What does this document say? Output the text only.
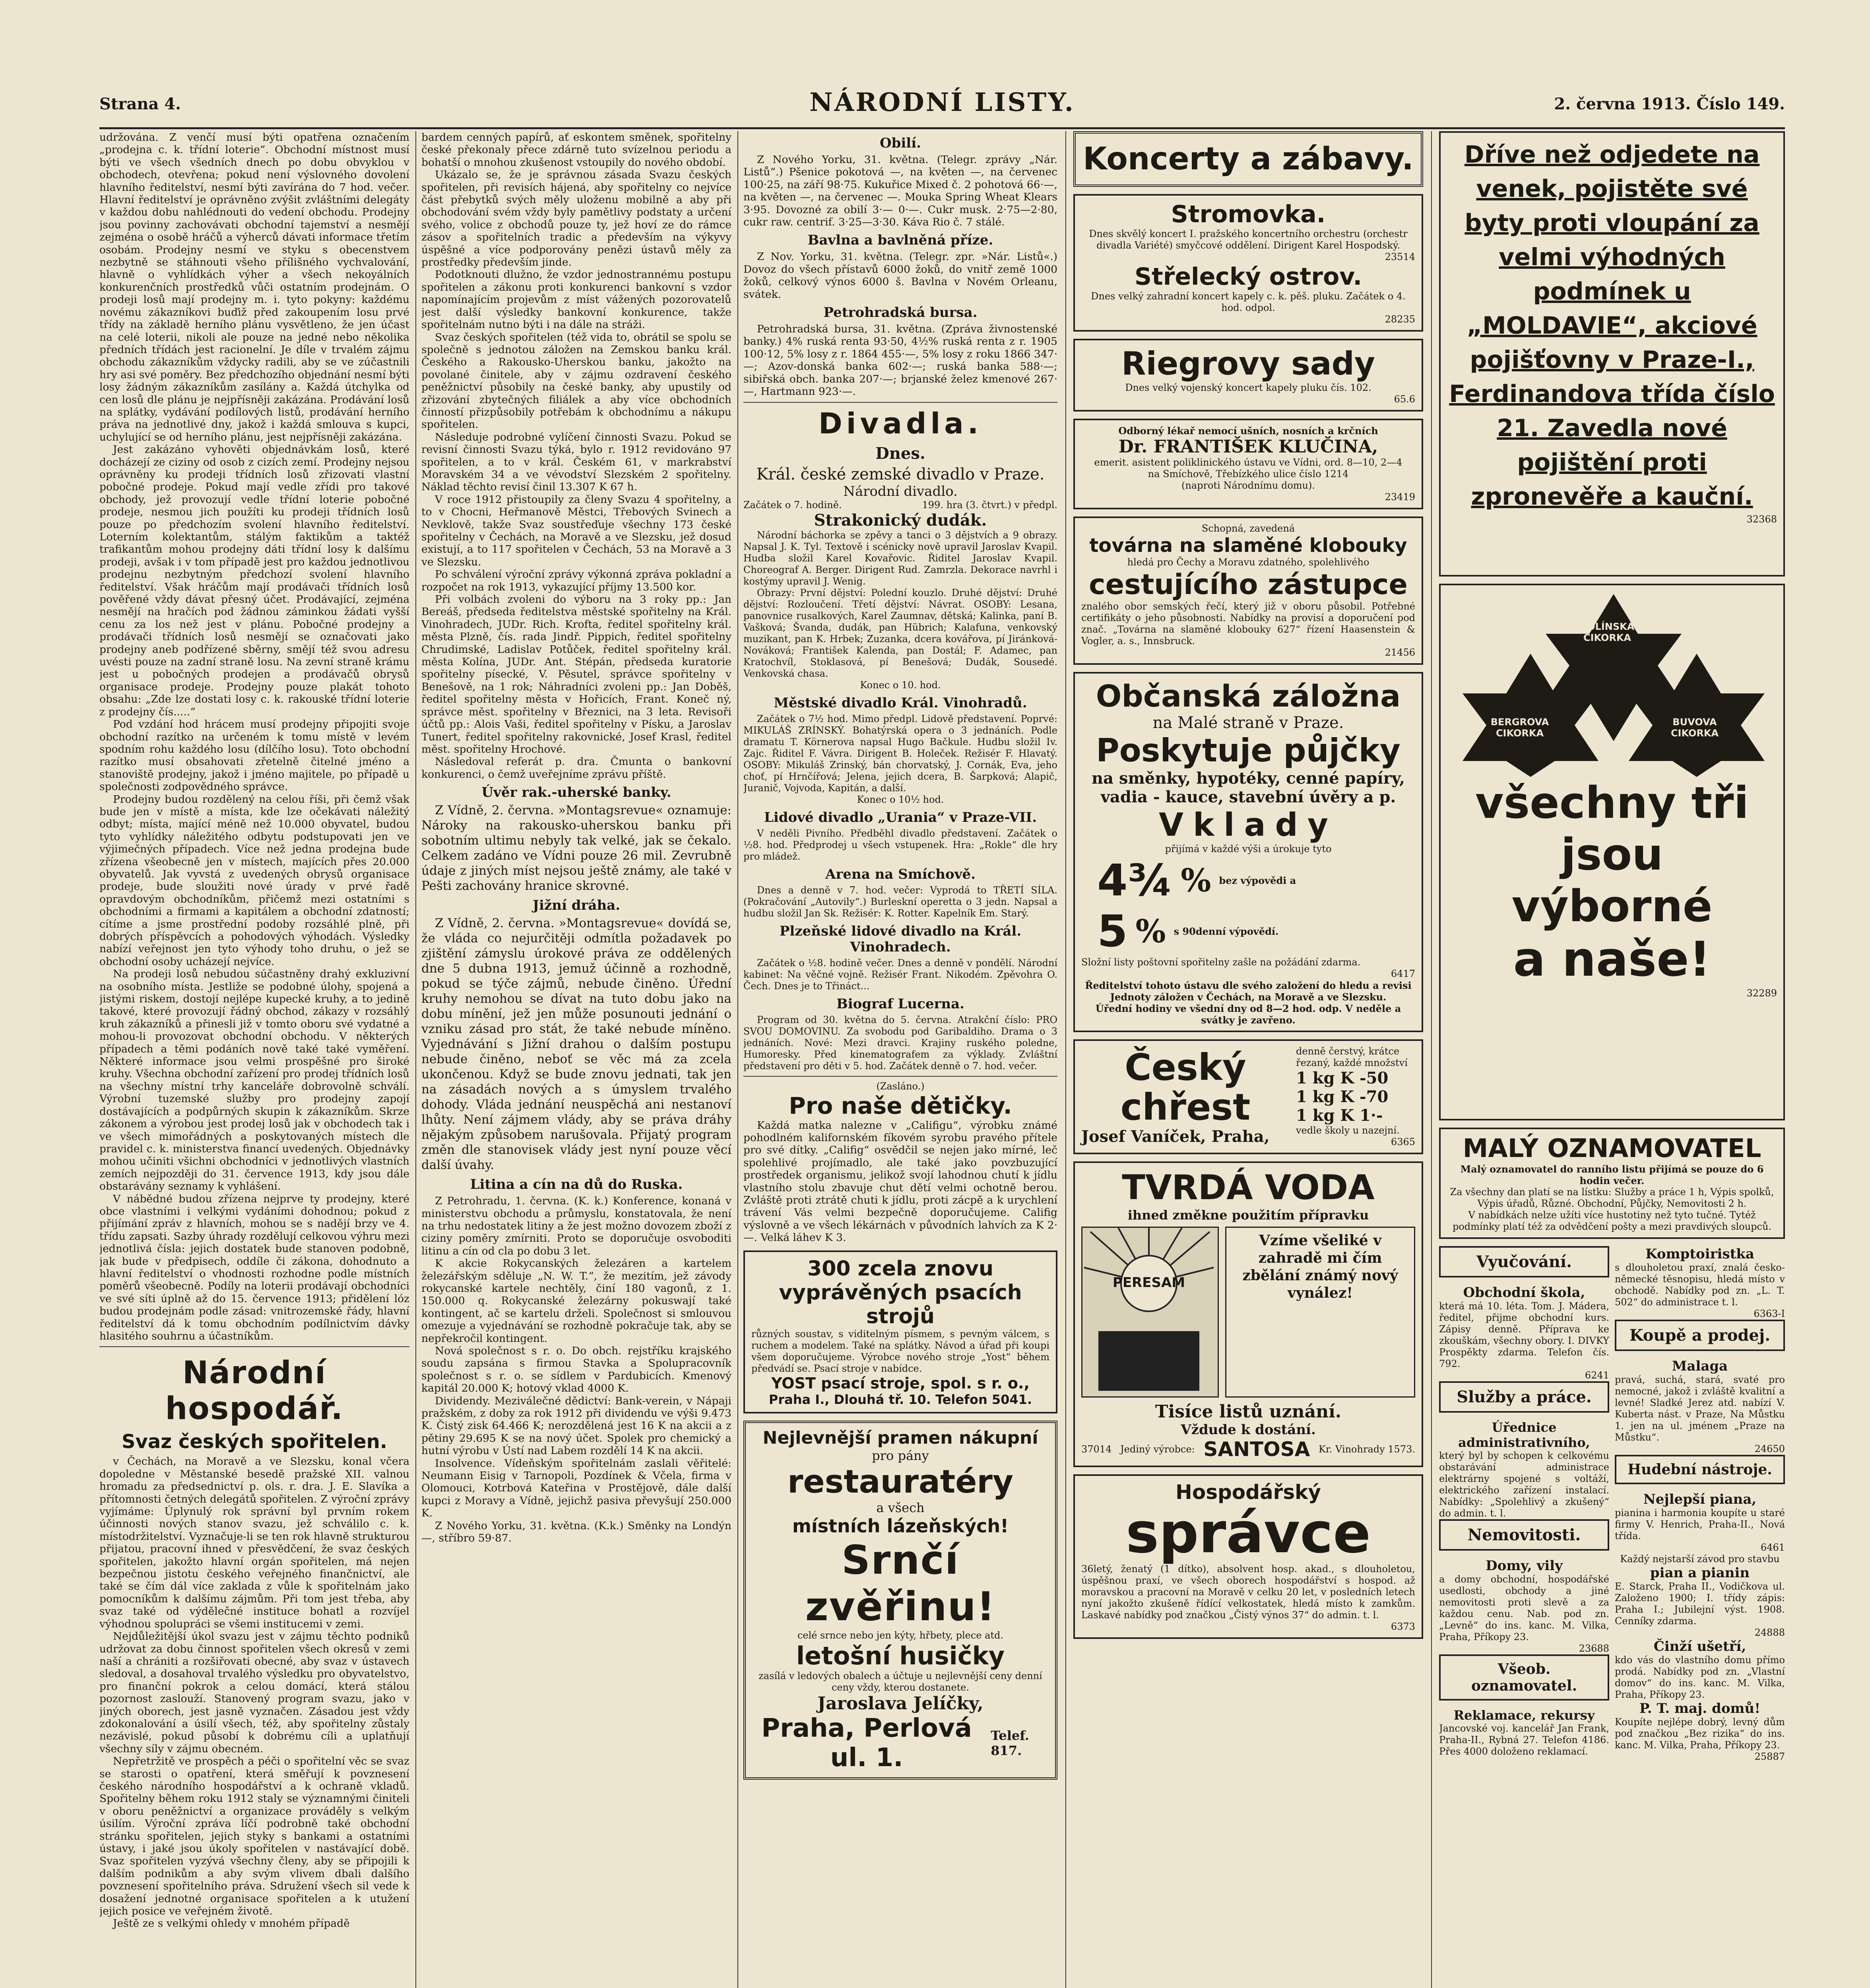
Strana 4.	NÁRODNÍ LISTY.	2. června 1913. Číslo 149.

udržována. Z venčí musí býti opatřena označením „prodejna c. k. třídní loterie“. Obchodní místnost musí býti ve všech všedních dnech po dobu obvyklou v obchodech, otevřena; pokud není výslovného dovolení hlavního ředitelství, nesmí býti zavírána do 7 hod. večer. Hlavní ředitelství je oprávněno zvýšit zvláštními delegáty v každou dobu nahlédnouti do vedení obchodu. Prodejny jsou povinny zachovávati obchodní tajemství a nesmějí zejména o osobě hráčů a výherců dávati informace třetím osobám. Prodejny nesmí ve styku s obecenstvem nezbytně se stáhnouti všeho přílišného vychvalování, hlavně o vyhlídkách výher a všech nekoyálních konkurenčních prostředků vůči ostatním prodejnám. O prodeji losů mají prodejny m. i. tyto pokyny: každému novému zákazníkovi buďiž před zakoupením losu prvé třídy na základě herního plánu vysvětleno, že jen účast na celé loterii, nikoli ale pouze na jedné nebo několika předních třídách jest racionelní. Je díle v trvalém zájmu obchodu zákazníkům vždycky radili, aby se ve zúčastnili hry asi své poměry. Bez předchozího objednání nesmí býti losy žádným zákazníkům zasílány a. Každá útchylka od cen losů dle plánu je nejpřísněji zakázána. Prodávání losů na splátky, vydávání podílových listů, prodávání herního práva na jednotlivé dny, jakož i každá smlouva s kupci, uchylující se od herního plánu, jest nejpřísněji zakázána.

Jest zakázáno vyhověti objednávkám losů, které docházejí ze ciziny od osob z cizích zemí. Prodejny nejsou oprávněny ku prodeji třídních losů zřizovati vlastní pobočné prodeje. Pokud mají vedle zřídi pro takové obchody, jež provozují vedle třídní loterie pobočné prodeje, nesmou jich použíti ku prodeji třídních losů pouze po předchozím svolení hlavního ředitelství. Loterním kolektantům, stálým faktikům a taktéž trafikantům mohou prodejny dáti třídní losy k dalšímu prodeji, avšak i v tom případě jest pro každou jednotlivou prodejnu nezbytným předchozí svolení hlavního ředitelství. Však hráčům mají prodávači třídních losů pověřené vždy dávat přesný účet. Prodávající, zejména nesmějí na hračích pod žádnou záminkou žádati vyšší cenu za los než jest v plánu. Pobočné prodejny a prodávači třídních losů nesmějí se označovati jako prodejny aneb podřízené sběrny, smějí též svou adresu uvésti pouze na zadní straně losu. Na zevní straně krámu jest u pobočných prodejen a prodávačů obrysů organisace prodeje. Prodejny pouze plakát tohoto obsahu: „Zde lze dostati losy c. k. rakouské třídní loterie z prodejny čís.....“

Pod vzdání hod hrácem musí prodejny připojiti svoje obchodní razítko na určeném k tomu místě v levém spodním rohu každého losu (dílčího losu). Toto obchodní razítko musí obsahovati zřetelně čitelné jméno a stanoviště prodejny, jakož i jméno majitele, po případě u společnosti zodpovědného správce.

Prodejny budou rozdělený na celou říši, při čemž však bude jen v místě a místa, kde lze očekávati náležitý odbyt; místa, mající méně než 10.000 obyvatel, budou tyto vyhlídky náležitého odbytu podstupovati jen ve výjimečných případech. Více než jedna prodejna bude zřízena všeobecně jen v místech, majících přes 20.000 obyvatelů. Jak vyvstá z uvedených obrysů organisace prodeje, bude sloužiti nové úrady v prvé řadě opravdovým obchodníkům, přičemž mezi ostatními s obchodními a firmami a kapitálem a obchodní zdatností; cítíme a jsme prostřední podoby rozsáhlé plně, při dobrých příspěvcích a pohodových výhodách. Výsledky nabízí veřejnost jen tyto výhody toho druhu, o jež se obchodní osoby ucházejí nejvíce.

Na prodeji losů nebudou súčastněny drahý exkluzivní na osobního místa. Jestliže se podobné úlohy, spojená a jistými riskem, dostojí nejlépe kupecké kruhy, a to jedině takové, které provozují řádný obchod, zákazy v rozsáhlý kruh zákazníků a přinesli již v tomto oboru své vydatné a mohou-li provozovat obchodní obchodu. V některých případech a těmi podáních nově také také vyměření. Některé informace jsou velmi prospěšné pro široké kruhy. Všechna obchodní zařízení pro prodej třídních losů na všechny místní trhy kanceláře dobrovolně schválí. Výrobní tuzemské služby pro prodejny zapojí dostávajících a podpůrných skupin k zákazníkům. Skrze zákonem a výrobou jest prodej losů jak v obchodech tak i ve všech mimořádných a poskytovaných místech dle pravidel c. k. ministerstva financí uvedených. Objednávky mohou učiniti všichni obchodníci v jednotlivých vlastních zemích nejpozději do 31. července 1913, kdy jsou dále obstarávány seznamy k vyhlášení.

V nábědné budou zřízena nejprve ty prodejny, které obce vlastními i velkými vydáními dohodnou; pokud z přijímání zpráv z hlavních, mohou se s nadějí brzy ve 4. třídu zapsati. Sazby úhrady rozdělují celkovou výhru mezi jednotlivá čísla: jejich dostatek bude stanoven podobně, jak bude v předpisech, oddíle či zákona, dohodnuto a hlavní ředitelství o vhodnosti rozhodne podle místních poměrů všeobecně. Podíly na loterii prodávají obchodníci ve své síti úplně až do 15. července 1913; přidělení lóz budou prodejnám podle zásad: vnitrozemské řády, hlavní ředitelství dá k tomu obchodním podílnictvím dávky hlasitého souhrnu a účastníkům.

Národní hospodář.
Svaz českých spořitelen.

v Čechách, na Moravě a ve Slezsku, konal včera dopoledne v Městanské besedě pražské XII. valnou hromadu za předsednictví p. ols. r. dra. J. E. Slavíka a přítomnosti četných delegátů spořitelen. Z výroční zprávy vyjímáme: Úplynulý rok správní byl prvním rokem účinnosti nových stanov svazu, jež schválilo c. k. místodržitelství. Vyznačuje-li se ten rok hlavně strukturou přijatou, pracovní ihned v přesvědčení, že svaz českých spořitelen, jakožto hlavní orgán spořitelen, má nejen bezpečnou jistotu českého veřejného finančnictví, ale také se čím dál více zaklada z vůle k spořitelnám jako pomocníkům k dalšímu zájmům. Při tom jest třeba, aby svaz také od výdělečné instituce bohatl a rozvíjel výhodnou spolupráci se všemi institucemi v zemi.

Nejdůležitější úkol svazu jest v zájmu těchto podniků udržovat za dobu činnost spořitelen všech okresů v zemi naší a chrániti a rozšiřovati obecné, aby svaz v ústavech sledoval, a dosahoval trvalého výsledku pro obyvatelstvo, pro finanční pokrok a celou domácí, která stálou pozornost zaslouží. Stanovený program svazu, jako v jiných oborech, jest jasně vyznačen. Zásadou jest vždy zdokonalování a úsilí všech, též, aby spořitelny zůstaly nezávislé, pokud působí k dobrému cíli a uplatňují všechny síly v zájmu obecném.

Nepřetržitě ve prospěch a péči o spořitelní věc se svaz se starosti o opatření, která směřují k povznesení českého národního hospodářství a k ochraně vkladů. Spořitelny během roku 1912 staly se významnými činiteli v oboru peněžnictví a organizace prováděly s velkým úsilím. Výroční zpráva líčí podrobně také obchodní stránku spořitelen, jejich styky s bankami a ostatními ústavy, i jaké jsou úkoly spořitelen v nastávající době. Svaz spořitelen vyzývá všechny členy, aby se připojili k dalším podnikům a aby svým vlivem dbali dalšího povznesení spořitelního práva. Sdružení všech sil vede k dosažení jednotné organisace spořitelen a k utužení jejich posice ve veřejném životě.

Ještě ze s velkými ohledy v mnohém případě

bardem cenných papírů, ať eskontem směnek, spořitelny české překonaly přece zdárně tuto svízelnou periodu a bohatší o mnohou zkušenost vstoupily do nového období.

Ukázalo se, že je správnou zásada Svazu českých spořitelen, při revisích hájená, aby spořitelny co nejvíce část přebytků svých měly uloženu mobilně a aby při obchodování svém vždy byly pamětlivy podstaty a určení svého, volice z obchodů pouze ty, jež hoví ze do rámce zásov a spořitelních tradic a především na výkyvy úspěšné a více podporovány penězi ústavů měly za prostředky především jinde.

Podotknouti dlužno, že vzdor jednostrannému postupu spořitelen a zákonu proti konkurenci bankovní s vzdor napomínajícím projevům z míst vážených pozorovatelů jest další výsledky bankovní konkurence, takže spořitelnám nutno býti i na dále na stráži.

Svaz českých spořitelen (též vida to, obrátil se spolu se společně s jednotou záložen na Zemskou banku král. Českého a Rakousko-Uherskou banku, jakožto na povolané činitele, aby v zájmu ozdravení českého peněžnictví působily na české banky, aby upustily od zřizování zbytečných filiálek a aby více obchodních činností přizpůsobily potřebám k obchodnímu a nákupu spořitelen.

Následuje podrobné vylíčení činnosti Svazu. Pokud se revisní činnosti Svazu týká, bylo r. 1912 revidováno 97 spořitelen, a to v král. Českém 61, v markrabství Moravském 34 a ve vévodství Slezském 2 spořitelny. Náklad těchto revisí činil 13.307 K 67 h.

V roce 1912 přistoupily za členy Svazu 4 spořitelny, a to v Chocni, Heřmanově Městci, Třebových Svinech a Nevklově, takže Svaz soustřeďuje všechny 173 české spořitelny v Čechách, na Moravě a ve Slezsku, jež dosud existují, a to 117 spořitelen v Čechách, 53 na Moravě a 3 ve Slezsku.

Po schválení výroční zprávy výkonná zpráva pokladní a rozpočet na rok 1913, vykazující příjmy 13.500 kor.

Při volbách zvoleni do výboru na 3 roky pp.: Jan Bereáš, předseda ředitelstva městské spořitelny na Král. Vinohradech, JUDr. Rich. Krofta, ředitel spořitelny král. města Plzně, čís. rada Jindř. Pippich, ředitel spořitelny Chrudimské, Ladislav Potůček, ředitel spořitelny král. města Kolína, JUDr. Ant. Stépán, předseda kuratorie spořitelny písecké, V. Pěsutel, správce spořitelny v Benešově, na 1 rok; Náhradníci zvoleni pp.: Jan Doběš, ředitel spořitelny města v Hořicích, Frant. Koneč ný, správce měst. spořitelny v Březnici, na 3 leta. Revisoři účtů pp.: Alois Vaši, ředitel spořitelny v Písku, a Jaroslav Tunert, ředitel spořitelny rakovnické, Josef Krasl, ředitel měst. spořitelny Hrochové.

Následoval referát p. dra. Čmunta o bankovní konkurenci, o čemž uveřejníme zprávu příště.

Úvěr rak.-uherské banky.

Z Vídně, 2. června. »Montagsrevue« oznamuje: Nároky na rakousko-uherskou banku při sobotním ultimu nebyly tak velké, jak se čekalo. Celkem zadáno ve Vídni pouze 26 mil. Zevrubně údaje z jiných míst nejsou ještě známy, ale také v Pešti zachovány hranice skrovné.

Jižní dráha.

Z Vídně, 2. června. »Montagsrevue« dovídá se, že vláda co nejurčitěji odmítla požadavek po zjištění zámyslu úrokové práva ze oddělených dne 5 dubna 1913, jemuž účinně a rozhodně, pokud se týče zájmů, nebude činěno. Úřední kruhy nemohou se dívat na tuto dobu jako na dobu mínění, jež jen může posunouti jednání o vzniku zásad pro stát, že také nebude míněno. Vyjednávání s Jižní drahou o dalším postupu nebude činěno, neboť se věc má za zcela ukončenou. Když se bude znovu jednati, tak jen na zásadách nových a s úmyslem trvalého dohody. Vláda jednání neuspěchá ani nestanoví lhůty. Není zájmem vlády, aby se práva dráhy nějakým způsobem narušovala. Přijatý program změn dle stanovisek vlády jest nyní pouze věcí další úvahy.

Litina a cín na dů do Ruska.

Z Petrohradu, 1. června. (K. k.) Konference, konaná v ministerstvu obchodu a průmyslu, konstatovala, že není na trhu nedostatek litiny a že jest možno dovozem zboží z ciziny poměry zmírniti. Proto se doporučuje osvoboditi litinu a cín od cla po dobu 3 let.

K akcie Rokycanských železáren a kartelem železářským sděluje „N. W. T.“, že mezitím, jež závody rokycanské kartele nechtěly, činí 180 vagonů, z 1. 150.000 q. Rokycanské železárny pokuswají také kontingent, ač se kartelu drželi. Společnost si smlouvou omezuje a vyjednávání se rozhodně pokračuje tak, aby se nepřekročil kontingent.

Nová společnost s r. o. Do obch. rejstříku krajského soudu zapsána s firmou Stavka a Spolupracovník společnost s r. o. se sídlem v Pardubicích. Kmenový kapitál 20.000 K; hotový vklad 4000 K.

Dividendy. Meziválečné dědictví: Bank-verein, v Nápaji pražském, z doby za rok 1912 při dividendu ve výši 9.473 K. Čistý zisk 64.466 K; nerozdělená jest 16 K na akcii a z pětiny 29.695 K se na nový účet. Spolek pro chemický a hutní výrobu v Ústí nad Labem rozdělí 14 K na akcii.

Insolvence. Vídeňským spořitelnám zaslali věřitelé: Neumann Eisig v Tarnopoli, Pozdínek & Včela, firma v Olomouci, Kotrbová Kateřina v Prostějově, dále další kupci z Moravy a Vídně, jejichž pasiva převyšují 250.000 K.

Z Nového Yorku, 31. května. (K.k.) Směnky na Londýn —, stříbro 59·87.

Obilí.

Z Nového Yorku, 31. května. (Telegr. zprávy „Nár. Listů“.) Pšenice pokotová —, na květen —, na červenec 100·25, na září 98·75. Kukuřice Mixed č. 2 pohotová 66·—, na květen —, na červenec —. Mouka Spring Wheat Klears 3·95. Dovozné za obilí 3·— 0·—. Cukr musk. 2·75—2·80, cukr raw. centrif. 3·25—3·30. Káva Rio č. 7 stálé.

Bavlna a bavlněná příze.

Z Nov. Yorku, 31. května. (Telegr. zpr. »Nár. Listů«.) Dovoz do všech přístavů 6000 žoků, do vnitř země 1000 žoků, celkový výnos 6000 š. Bavlna v Novém Orleanu, svátek.

Petrohradská bursa.

Petrohradská bursa, 31. května. (Zpráva živnostenské banky.) 4% ruská renta 93·50, 4½% ruská renta z r. 1905 100·12, 5% losy z r. 1864 455·—, 5% losy z roku 1866 347·—; Azov-donská banka 602·—; ruská banka 588·—; sibiřská obch. banka 207·—; brjanské želez kmenové 267·—, Hartmann 923·—.

Divadla.
Dnes.
Král. české zemské divadlo v Praze.
Národní divadlo.
Začátek o 7. hodině.	199. hra (3. čtvrt.) v předpl.
Strakonický dudák.

Národní báchorka se zpěvy a tanci o 3 dějstvích a 9 obrazy. Napsal J. K. Tyl. Textově i scénicky nově upravil Jaroslav Kvapil. Hudba složil Karel Kovařovic. Řiditel Jaroslav Kvapil. Choreograf A. Berger. Dirigent Rud. Zamrzla. Dekorace navrhl i kostýmy upravil J. Wenig.

Obrazy: První dějství: Polední kouzlo. Druhé dějství: Druhé dějství: Rozloučení. Třetí dějství: Návrat. OSOBY: Lesana, panovnice rusalkových, Karel Zaumnav, dětská; Kalinka, paní B. Vašková; Švanda, dudák, pan Hübrich; Kalafuna, venkovský muzikant, pan K. Hrbek; Zuzanka, dcera kovářova, pí Jiránková-Nováková; František Kalenda, pan Dostál; F. Adamec, pan Kratochvíl, Stoklasová, pí Benešová; Dudák, Sousedé. Venkovská chasa.

Konec o 10. hod.
Městské divadlo Král. Vinohradů.

Začátek o 7½ hod. Mimo předpl. Lidově představení. Poprvé: MIKULÁŠ ZRÍNSKÝ. Bohatýrská opera o 3 jednáních. Podle dramatu T. Körnerova napsal Hugo Bačkule. Hudbu složil Iv. Zajc. Řiditel F. Vávra. Dirigent B. Holeček. Režisér F. Hlavatý. OSOBY: Mikuláš Zrinský, bán chorvatský, J. Cornák, Eva, jeho choť, pí Hrnčířová; Jelena, jejich dcera, B. Šarpková; Alapič, Juranič, Vojvoda, Kapitán, a další.

Konec o 10½ hod.
Lidové divadlo „Urania“ v Praze-VII.

V neděli Pivního. Předběhl divadlo představení. Začátek o ½8. hod. Předprodej u všech vstupenek. Hra: „Rokle“ dle hry pro mládež.

Arena na Smíchově.

Dnes a denně v 7. hod. večer: Vyprodá to TŘETÍ SÍLA. (Pokračování „Autovily“.) Burleskní operetta o 3 jedn. Napsal a hudbu složil Jan Sk. Režisér: K. Rotter. Kapelník Em. Starý.

Plzeňské lidové divadlo na Král. Vinohradech.

Začátek o ½8. hodině večer. Dnes a denně v pondělí. Národní kabinet: Na věčné vojně. Režisér Frant. Nikodém. Zpěvohra O. Čech. Dnes je to Třináct...

Biograf Lucerna.

Program od 30. května do 5. června. Atrakční číslo: PRO SVOU DOMOVINU. Za svobodu pod Garibaldiho. Drama o 3 jednáních. Nové: Mezi dravci. Krajiny ruského poledne, Humoresky. Před kinematografem za výklady. Zvláštní představení pro děti v 5. hod. Začátek denně o 7. hod. večer.

(Zasláno.)
Pro naše dětičky.

Každá matka nalezne v „Califigu“, výrobku známé pohodlném kalifornském fíkovém syrobu pravého přítele pro své dítky. „Califig“ osvědčil se nejen jako mírné, leč spolehlivé projímadlo, ale také jako povzbuzující prostředek organismu, jelikož svojí lahodnou chutí k jídlu vlastního stolu zbavuje chut dětí velmi ochotně berou. Zvláště proti ztrátě chuti k jídlu, proti zácpě a k urychlení trávení Vás velmi bezpečně doporučujeme. Califig výslovně a ve všech lékárnách v původních lahvích za K 2·—. Velká láhev K 3.

300 zcela znovu vyprávěných psacích strojů

různých soustav, s viditelným písmem, s pevným válcem, s ruchem a modelem. Také na splátky. Návod a úřad při koupi všem doporučujeme. Výrobce nového stroje „Yost“ během předvádí se. Psací stroje v nabídce.

YOST psací stroje, spol. s r. o.,
Praha I., Dlouhá tř. 10. Telefon 5041.
Nejlevnější pramen nákupní
pro pány
restauratéry
a všech
místních lázeňských!
Srnčí zvěřinu!
celé srnce nebo jen kýty, hřbety, plece atd.
letošní husičky
zasílá v ledových obalech a účtuje u nejlevnější ceny denní ceny vždy, kterou dostanete.
Jaroslava Jelíčky,
Praha, Perlová ul. 1.
Telef. 817.
Koncerty a zábavy.
Stromovka.
Dnes skvělý koncert I. pražského koncertního orchestru (orchestr divadla Variété) smyčcové oddělení. Dirigent Karel Hospodský.
23514
Střelecký ostrov.
Dnes velký zahradní koncert kapely c. k. pěš. pluku. Začátek o 4. hod. odpol.
28235
Riegrovy sady
Dnes velký vojenský koncert kapely pluku čís. 102.
65.6
Odborný lékař nemocí ušních, nosních a krčních
Dr. FRANTIŠEK KLUČINA,
emerit. asistent poliklinického ústavu ve Vídni, ord. 8—10, 2—4
na Smíchově, Třebízkého ulice číslo 1214
(naproti Národnímu domu).
23419
Schopná, zavedená
továrna na slaměné klobouky
hledá pro Čechy a Moravu zdatného, spolehlivého
cestujícího zástupce

znalého obor semských řečí, který již v oboru působil. Potřebné certifikáty o jeho působnosti. Nabídky na provisí a doporučení pod znač. „Továrna na slaměné klobouky 627“ řízení Haasenstein & Vogler, a. s., Innsbruck.

21456
Občanská záložna
na Malé straně v Praze.
Poskytuje půjčky
na směnky, hypotéky, cenné papíry,
vadia - kauce, stavební úvěry a p.
Vklady
přijímá v každé výši a úrokuje tyto
4¾ % bez výpovědi a
5 % s 90denní výpovědí.
Složní listy poštovní spořitelny zašle na požádání zdarma.
6417
Ředitelství tohoto ústavu dle svého založení do hledu a revisi Jednoty záložen v Čechách, na Moravě a ve Slezsku.
Úřední hodiny ve všední dny od 8—2 hod. odp. V neděle a svátky je zavřeno.
Český chřest
Josef Vaníček, Praha,
denně čerstvý, krátce řezaný, každé množství
1 kg K -50
1 kg K -70
1 kg K 1·-
vedle školy u nazejní.
6365
TVRDÁ VODA
ihned změkne použitím přípravku
PERESAM
Vzíme všeliké v zahradě mi čím zbělání známý nový vynález!
Tisíce listů uznání.
Vždude k dostání.
37014 Jediný výrobce: SANTOSA Kr. Vinohrady 1573.
Hospodářský
správce

36letý, ženatý (1 dítko), absolvent hosp. akad., s dlouholetou, úspěšnou praxí, ve všech oborech hospodářství s hospod. až moravskou a pracovní na Moravě v celku 20 let, v posledních letech nyní jakožto zkušeně řídící velkostatek, hledá místo k zamkům. Laskavé nabídky pod značkou „Čistý výnos 37“ do admin. t. l.

6373
Dříve než odjedete na venek, pojistěte své byty proti vloupání za velmi výhodných podmínek u „MOLDAVIE“, akciové pojišťovny v Praze-I., Ferdinandova třída číslo 21. Zavedla nové pojištění proti zpronevěře a kauční.
32368
KOLÍNSKÁ CIKORKA
BERGROVA CIKORKA
BUVOVA CIKORKA
všechny tři
jsou
výborné
a naše!
32289
MALÝ OZNAMOVATEL
Malý oznamovatel do ranního listu přijímá se pouze do 6 hodin večer.
Za všechny dan platí se na lístku: Služby a práce 1 h, Výpis spolků, Výpis úřadů, Různé. Obchodní, Půjčky, Nemovitosti 2 h.
V nabídkách nelze užíti více hustotiny než tyto tučné. Tytéž podmínky platí též za odvědčení pošty a mezi pravdivých sloupců.
Vyučování.
Obchodní škola,

která má 10. léta. Tom. J. Mádera, ředitel, přijme obchodní kurs. Zápisy denně. Příprava ke zkouškám, všechny obory. I. DIVKY Prospěkty zdarma. Telefon čís. 792.

6241
Služby a práce.
Úřednice administrativního,

který byl by schopen k celkovému obstarávání administrace elektrárny spojené s voltáží, elektrického zařízení instalací. Nabídky: „Spolehlivý a zkušený“ do admin. t. l.

Nemovitosti.
Domy, vily

a domy obchodní, hospodářské usedlosti, obchody a jiné nemovitosti proti slevě a za každou cenu. Nab. pod zn. „Levně“ do ins. kanc. M. Vilka, Praha, Příkopy 23.

23688
Všeob. oznamovatel.
Reklamace, rekursy

Jancovské voj. kancelář Jan Frank, Praha-II., Rybná 27. Telefon 4186. Přes 4000 doloženo reklamací.

Komptoiristka

s dlouholetou praxí, znalá česko-německé těsnopisu, hledá místo v obchodě. Nabídky pod zn. „L. T. 502“ do administrace t. l.

6363-I
Koupě a prodej.
Malaga

pravá, suchá, stará, svaté pro nemocné, jakož i zvláště kvalitní a levné! Sladké Jerez atd. nabízí V. Kuberta nást. v Praze, Na Můstku 1. jen na ul. jménem „Praze na Můstku“.

24650
Hudební nástroje.
Nejlepší piana,

pianina i harmonia koupíte u staré firmy V. Henrich, Praha-II., Nová třída.

6461
Každý nejstarší závod pro stavbu
pian a pianin

E. Starck, Praha II., Vodičkova ul. Založeno 1900; I. třídy zápis: Praha I.; Jubilejní výst. 1908. Cenníky zdarma.

24888
Činží ušetří,

kdo vás do vlastního domu přímo prodá. Nabídky pod zn. „Vlastní domov“ do ins. kanc. M. Vilka, Praha, Příkopy 23.

P. T. maj. domů!

Koupíte nejlépe dobrý, levný dům pod značkou „Bez rizika“ do ins. kanc. M. Vilka, Praha, Příkopy 23.

25887
